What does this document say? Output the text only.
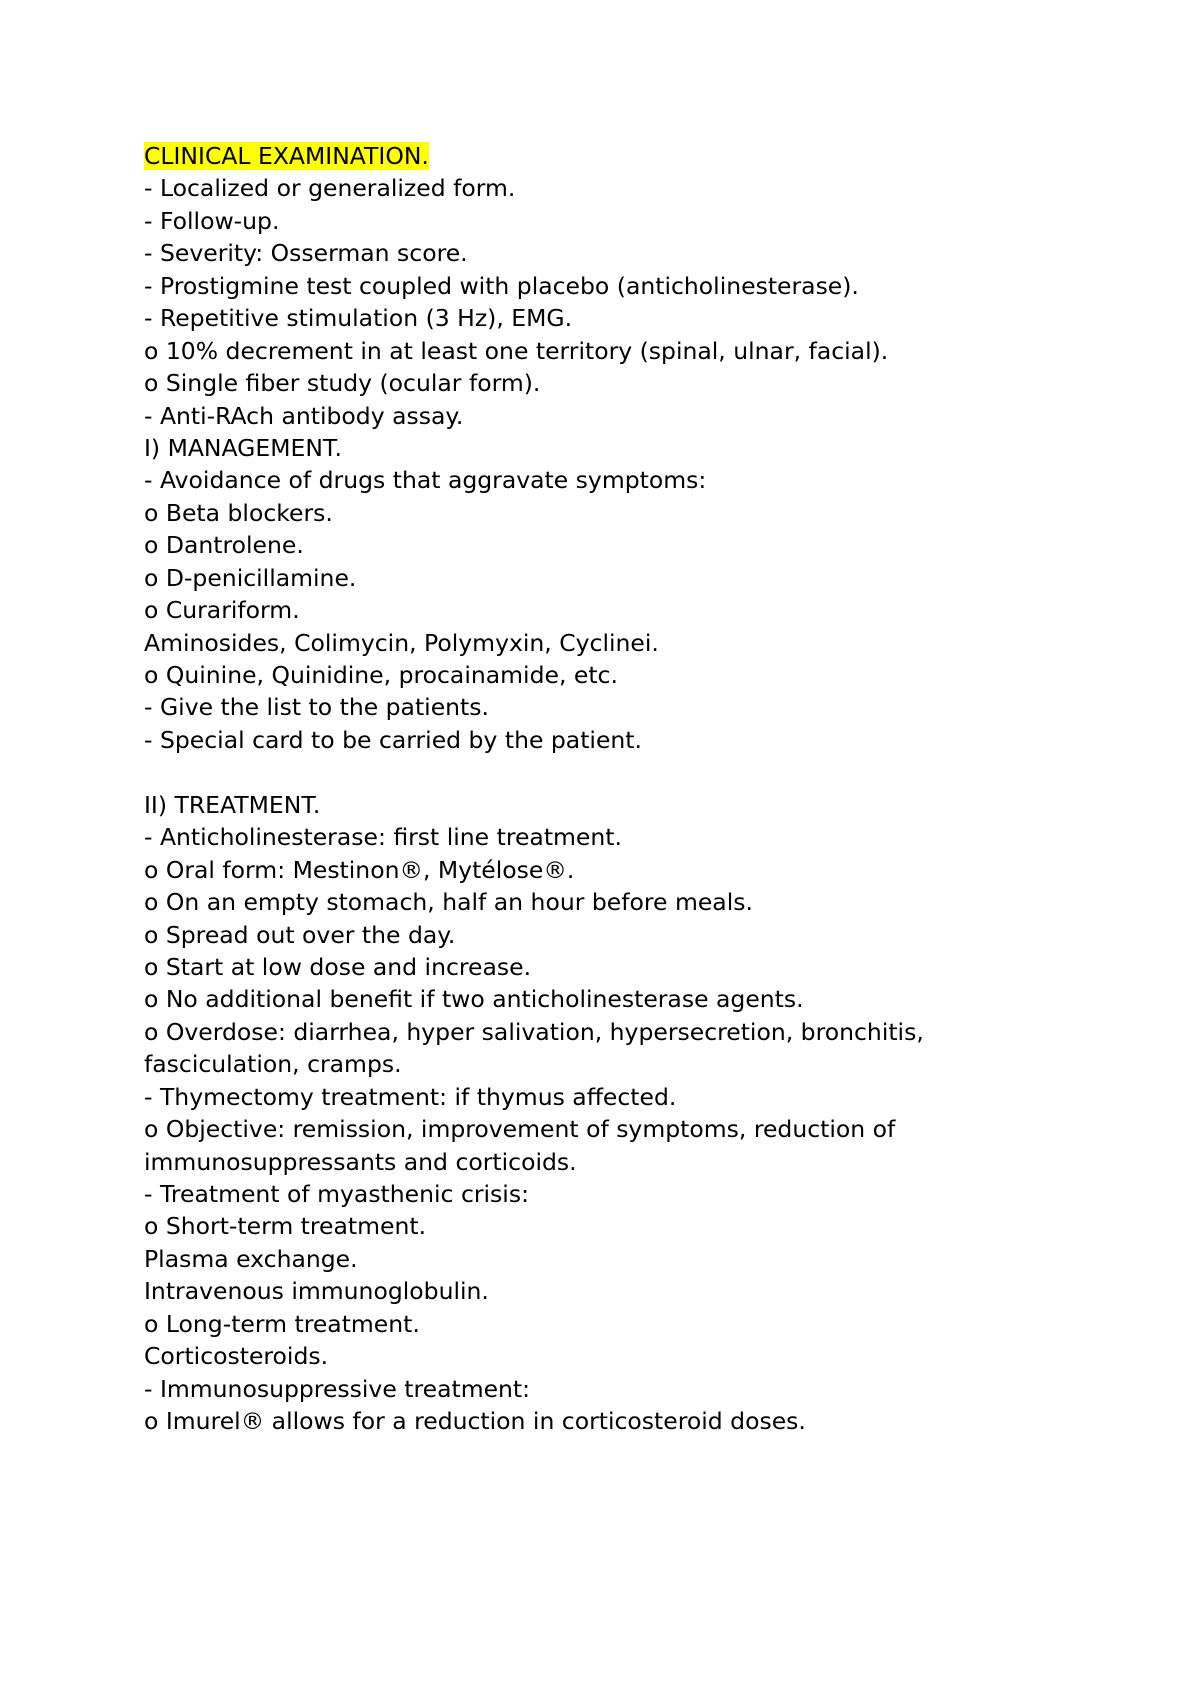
CLINICAL EXAMINATION.
- Localized or generalized form.
- Follow-up.
- Severity: Osserman score.
- Prostigmine test coupled with placebo (anticholinesterase).
- Repetitive stimulation (3 Hz), EMG.
o 10% decrement in at least one territory (spinal, ulnar, facial).
o Single fiber study (ocular form).
- Anti-RAch antibody assay.
I) MANAGEMENT.
- Avoidance of drugs that aggravate symptoms:
o Beta blockers.
o Dantrolene.
o D-penicillamine.
o Curariform.
Aminosides, Colimycin, Polymyxin, Cyclinei.
o Quinine, Quinidine, procainamide, etc.
- Give the list to the patients.
- Special card to be carried by the patient.
II) TREATMENT.
- Anticholinesterase: first line treatment.
o Oral form: Mestinon®, Mytélose®.
o On an empty stomach, half an hour before meals.
o Spread out over the day.
o Start at low dose and increase.
o No additional benefit if two anticholinesterase agents.
o Overdose: diarrhea, hyper salivation, hypersecretion, bronchitis,
fasciculation, cramps.
- Thymectomy treatment: if thymus affected.
o Objective: remission, improvement of symptoms, reduction of
immunosuppressants and corticoids.
- Treatment of myasthenic crisis:
o Short-term treatment.
Plasma exchange.
Intravenous immunoglobulin.
o Long-term treatment.
Corticosteroids.
- Immunosuppressive treatment:
o Imurel® allows for a reduction in corticosteroid doses.
